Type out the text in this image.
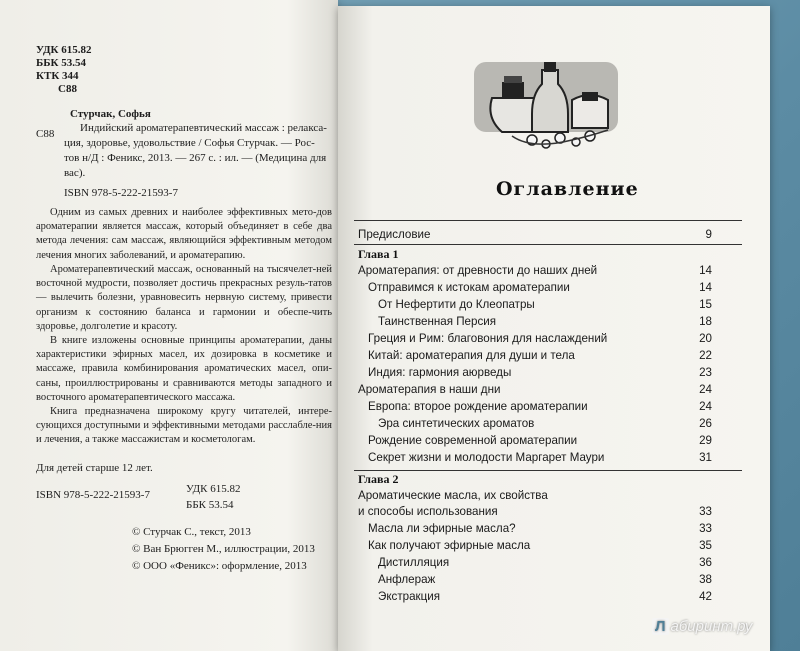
УДК 615.82
ББК 53.54
КТК 344
С88
Стурчак, Софья
С88 Индийский ароматерапевтический массаж : релакса-
ция, здоровье, удовольствие / Софья Стурчак. — Рос-
тов н/Д : Феникс, 2013. — 267 с. : ил. — (Медицина для
вас).
ISBN 978-5-222-21593-7
Одним из самых древних и наиболее эффективных мето-дов ароматерапии является массаж, который объединяет в себе два метода лечения: сам массаж, являющийся эффективным методом лечения многих заболеваний, и ароматерапию.
Ароматерапевтический массаж, основанный на тысячелет-ней восточной мудрости, позволяет достичь прекрасных резуль-татов — вылечить болезни, уравновесить нервную систему, привести организм к состоянию баланса и гармонии и обеспе-чить здоровье, долголетие и красоту.
В книге изложены основные принципы ароматерапии, даны характеристики эфирных масел, их дозировка в косметике и массаже, правила комбинирования ароматических масел, опи-саны, проиллюстрированы и сравниваются методы западного и восточного ароматерапевтического массажа.
Книга предназначена широкому кругу читателей, интере-сующихся доступными и эффективными методами расслабле-ния и лечения, а также массажистам и косметологам.
Для детей старше 12 лет.
ISBN 978-5-222-21593-7	УДК 615.82
ББК 53.54
© Стурчак С., текст, 2013
© Ван Брюгген М., иллюстрации, 2013
© ООО «Феникс»: оформление, 2013
Оглавление
Предисловие	9
Глава 1
Ароматерапия: от древности до наших дней	14
Отправимся к истокам ароматерапии	14
От Нефертити до Клеопатры	15
Таинственная Персия	18
Греция и Рим: благовония для наслаждений	20
Китай: ароматерапия для души и тела	22
Индия: гармония аюрведы	23
Ароматерапия в наши дни	24
Европа: второе рождение ароматерапии	24
Эра синтетических ароматов	26
Рождение современной ароматерапии	29
Секрет жизни и молодости Маргарет Маури	31
Глава 2
Ароматические масла, их свойства
и способы использования	33
Масла ли эфирные масла?	33
Как получают эфирные масла	35
Дистилляция	36
Анфлераж	38
Экстракция	42
Л абиринт.ру
